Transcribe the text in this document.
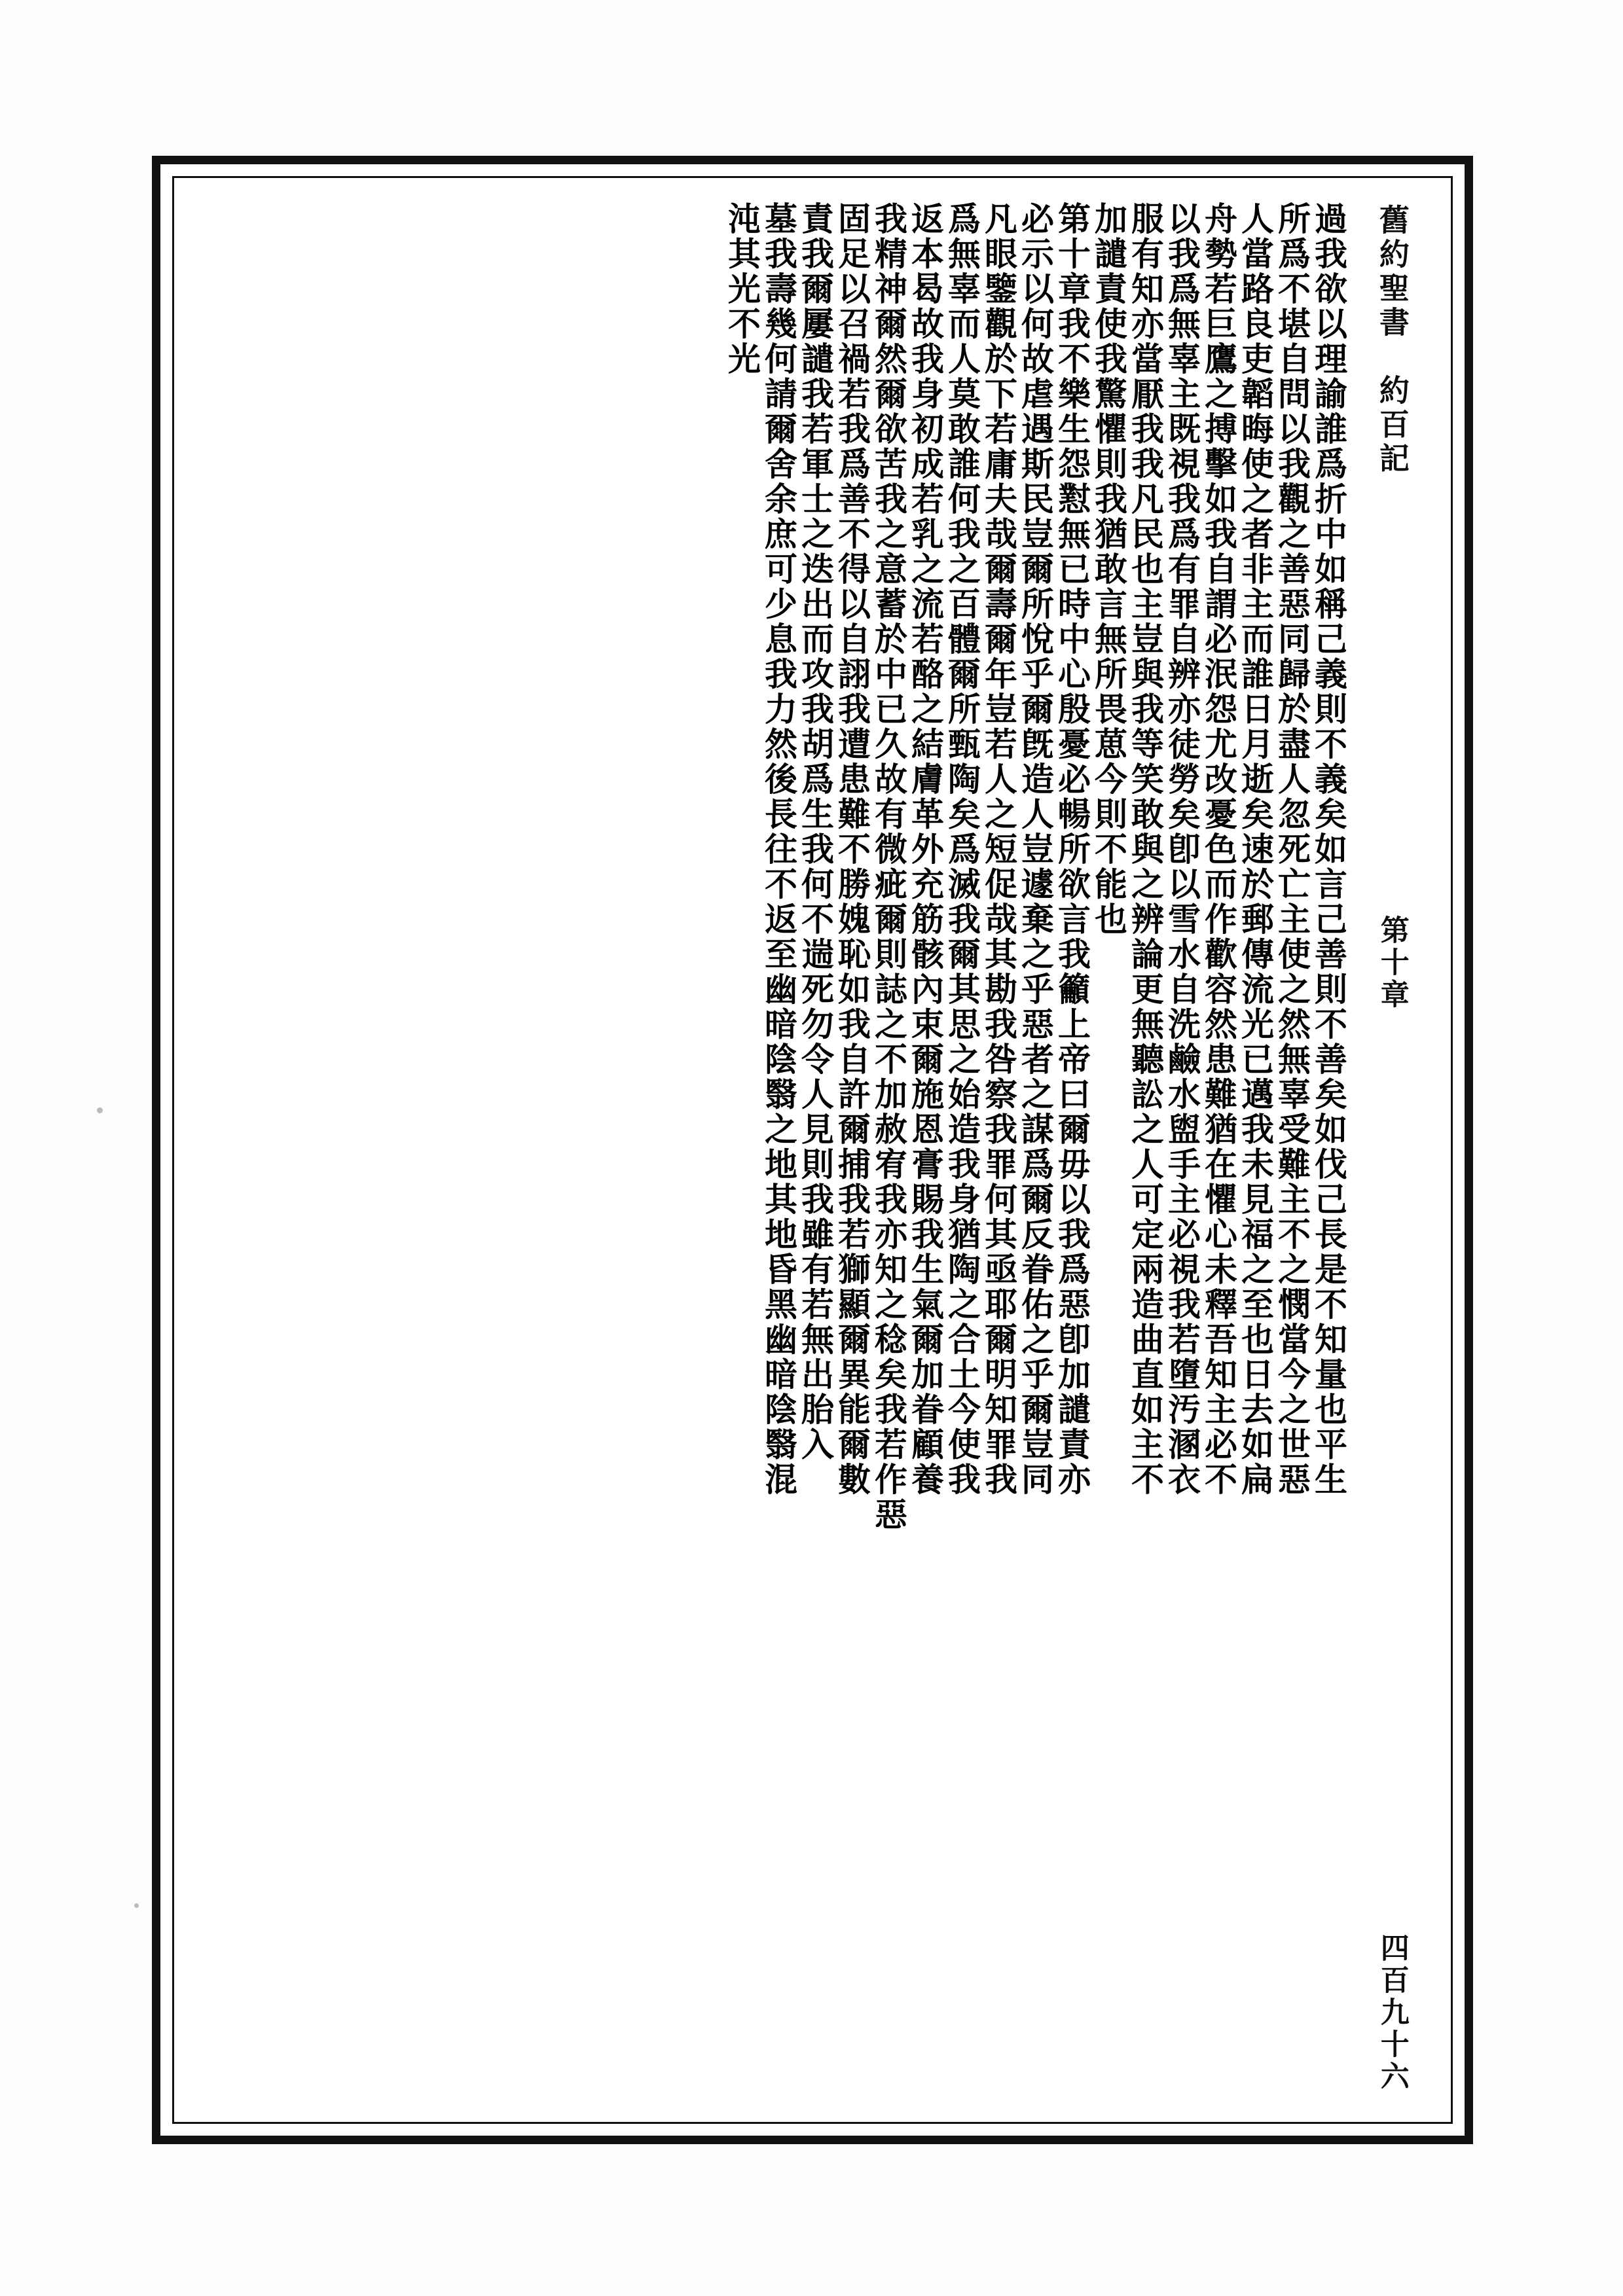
舊約聖書　約百記
第十章
四百九十六
過我欲以理諭誰爲折中如稱己義則不義矣如言己善則不善矣如伐己長是不知量也平生
所爲不堪自問以我觀之善惡同歸於盡人忽死亡主使之然無辜受難主不之憫當今之世惡
人當路良吏韜晦使之者非主而誰日月逝矣速於郵傳流光已邁我未見福之至也日去如扁
舟勢若巨鷹之搏擊如我自謂必泯怨尤改憂色而作歡容然患難猶在懼心未釋吾知主必不
以我爲無辜主既視我爲有罪自辨亦徒勞矣卽以雪水自洗鹼水盥手主必視我若墮汚溷衣
服有知亦當厭我我凡民也主豈與我等笑敢與之辨論更無聽訟之人可定兩造曲直如主不
加譴責使我驚懼則我猶敢言無所畏葸今則不能也
第十章我不樂生怨懟無已時中心殷憂必暢所欲言我籲上帝曰爾毋以我爲惡卽加譴責亦
必示以何故虐遇斯民豈爾所悅乎爾旣造人豈遽棄之乎惡者之謀爲爾反眷佑之乎爾豈同
凡眼鑒觀於下若庸夫哉爾壽爾年豈若人之短促哉其勘我咎察我罪何其亟耶爾明知罪我
爲無辜而人莫敢誰何我之百體爾所甄陶矣爲滅我爾其思之始造我身猶陶之合土今使我
返本曷故我身初成若乳之流若酪之結膚革外充筋骸內束爾施恩膏賜我生氣爾加眷顧養
我精神爾然爾欲苦我之意蓄於中已久故有微疵爾則誌之不加赦宥我亦知之稔矣我若作惡
固足以召禍若我爲善不得以自詡我遭患難不勝媿恥如我自許爾捕我若獅顯爾異能爾數
責我爾屢譴我若軍士之迭出而攻我胡爲生我何不遄死勿令人見則我雖有若無出胎入
墓我壽幾何請爾舍余庶可少息我力然後長往不返至幽暗陰翳之地其地昏黑幽暗陰翳混
沌其光不光
